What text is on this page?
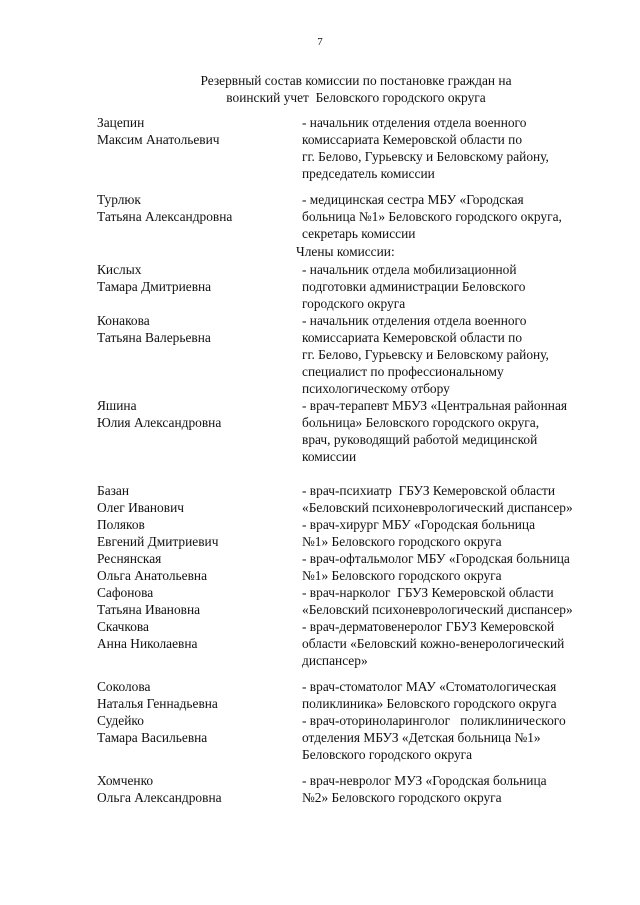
7
Резервный состав комиссии по постановке граждан на
воинский учет  Беловского городского округа
Зацепин
Максим Анатольевич
- начальник отделения отдела военного
комиссариата Кемеровской области по
гг. Белово, Гурьевску и Беловскому району,
председатель комиссии
Турлюк
Татьяна Александровна
- медицинская сестра МБУ «Городская
больница №1» Беловского городского округа,
секретарь комиссии
Члены комиссии:
Кислых
Тамара Дмитриевна
- начальник отдела мобилизационной
подготовки администрации Беловского
городского округа
Конакова
Татьяна Валерьевна
- начальник отделения отдела военного
комиссариата Кемеровской области по
гг. Белово, Гурьевску и Беловскому району,
специалист по профессиональному
психологическому отбору
Яшина
Юлия Александровна
- врач-терапевт МБУЗ «Центральная районная
больница» Беловского городского округа,
врач, руководящий работой медицинской
комиссии
Базан
Олег Иванович
- врач-психиатр  ГБУЗ Кемеровской области
«Беловский психоневрологический диспансер»
Поляков
Евгений Дмитриевич
- врач-хирург МБУ «Городская больница
№1» Беловского городского округа
Реснянская
Ольга Анатольевна
- врач-офтальмолог МБУ «Городская больница
№1» Беловского городского округа
Сафонова
Татьяна Ивановна
- врач-нарколог  ГБУЗ Кемеровской области
«Беловский психоневрологический диспансер»
Скачкова
Анна Николаевна
- врач-дерматовенеролог ГБУЗ Кемеровской
области «Беловский кожно-венерологический
диспансер»
Соколова
Наталья Геннадьевна
- врач-стоматолог МАУ «Стоматологическая
поликлиника» Беловского городского округа
Судейко
Тамара Васильевна
- врач-оториноларинголог   поликлинического
отделения МБУЗ «Детская больница №1»
Беловского городского округа
Хомченко
Ольга Александровна
- врач-невролог МУЗ «Городская больница
№2» Беловского городского округа
